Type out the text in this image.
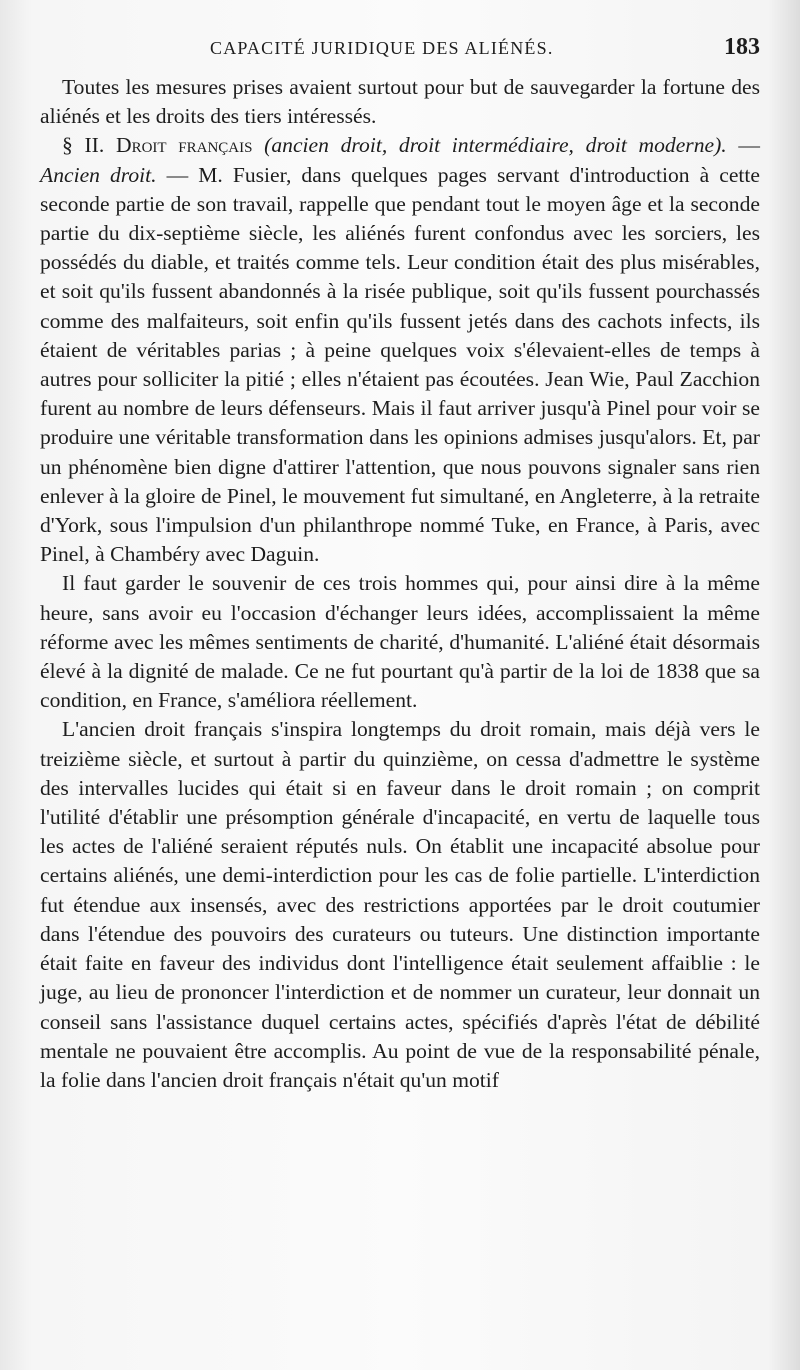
CAPACITÉ JURIDIQUE DES ALIÉNÉS.	183

Toutes les mesures prises avaient surtout pour but de sauvegarder la fortune des aliénés et les droits des tiers intéressés.

§ II. Droit français (ancien droit, droit intermédiaire, droit moderne). — Ancien droit. — M. Fusier, dans quelques pages servant d'introduction à cette seconde partie de son travail, rappelle que pendant tout le moyen âge et la seconde partie du dix-septième siècle, les aliénés furent confondus avec les sorciers, les possédés du diable, et traités comme tels. Leur condition était des plus misérables, et soit qu'ils fussent abandonnés à la risée publique, soit qu'ils fussent pourchassés comme des malfaiteurs, soit enfin qu'ils fussent jetés dans des cachots infects, ils étaient de véritables parias ; à peine quelques voix s'élevaient-elles de temps à autres pour solliciter la pitié ; elles n'étaient pas écoutées. Jean Wie, Paul Zacchion furent au nombre de leurs défenseurs. Mais il faut arriver jusqu'à Pinel pour voir se produire une véritable transformation dans les opinions admises jusqu'alors. Et, par un phénomène bien digne d'attirer l'attention, que nous pouvons signaler sans rien enlever à la gloire de Pinel, le mouvement fut simultané, en Angleterre, à la retraite d'York, sous l'impulsion d'un philanthrope nommé Tuke, en France, à Paris, avec Pinel, à Chambéry avec Daguin.

Il faut garder le souvenir de ces trois hommes qui, pour ainsi dire à la même heure, sans avoir eu l'occasion d'échanger leurs idées, accomplissaient la même réforme avec les mêmes sentiments de charité, d'humanité. L'aliéné était désormais élevé à la dignité de malade. Ce ne fut pourtant qu'à partir de la loi de 1838 que sa condition, en France, s'améliora réellement.

L'ancien droit français s'inspira longtemps du droit romain, mais déjà vers le treizième siècle, et surtout à partir du quinzième, on cessa d'admettre le système des intervalles lucides qui était si en faveur dans le droit romain ; on comprit l'utilité d'établir une présomption générale d'incapacité, en vertu de laquelle tous les actes de l'aliéné seraient réputés nuls. On établit une incapacité absolue pour certains aliénés, une demi-interdiction pour les cas de folie partielle. L'interdiction fut étendue aux insensés, avec des restrictions apportées par le droit coutumier dans l'étendue des pouvoirs des curateurs ou tuteurs. Une distinction importante était faite en faveur des individus dont l'intelligence était seulement affaiblie : le juge, au lieu de prononcer l'interdiction et de nommer un curateur, leur donnait un conseil sans l'assistance duquel certains actes, spécifiés d'après l'état de débilité mentale ne pouvaient être accomplis. Au point de vue de la responsabilité pénale, la folie dans l'ancien droit français n'était qu'un motif
